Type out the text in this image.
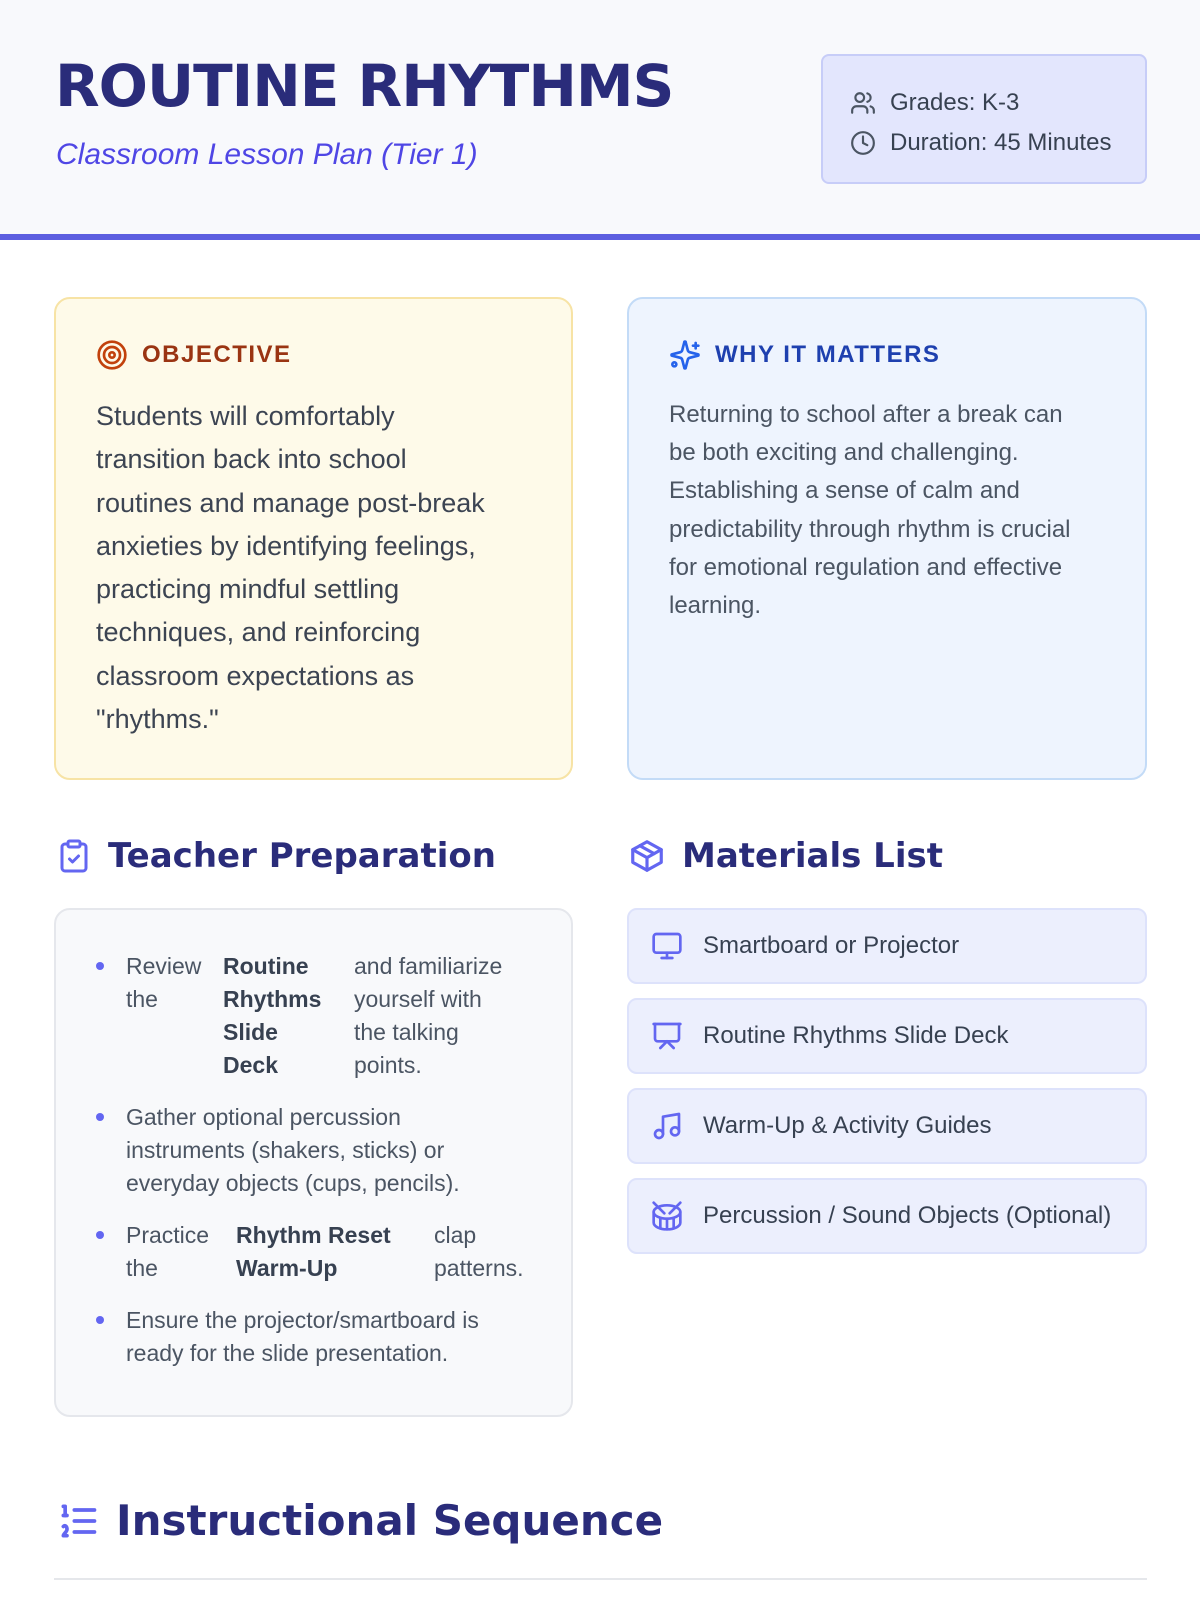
ROUTINE RHYTHMS
Classroom Lesson Plan (Tier 1)
Grades: K-3
Duration: 45 Minutes
OBJECTIVE
Students will comfortably
transition back into school
routines and manage post-break
anxieties by identifying feelings,
practicing mindful settling
techniques, and reinforcing
classroom expectations as
"rhythms."
WHY IT MATTERS
Returning to school after a break can
be both exciting and challenging.
Establishing a sense of calm and
predictability through rhythm is crucial
for emotional regulation and effective
learning.
Teacher Preparation
Review
the
Routine
Rhythms
Slide
Deck
and familiarize
yourself with
the talking
points.
Gather optional percussion
instruments (shakers, sticks) or
everyday objects (cups, pencils).
Practice
the
Rhythm Reset
Warm-Up
clap
patterns.
Ensure the projector/smartboard is
ready for the slide presentation.
Materials List
Smartboard or Projector
Routine Rhythms Slide Deck
Warm-Up & Activity Guides
Percussion / Sound Objects (Optional)
Instructional Sequence
